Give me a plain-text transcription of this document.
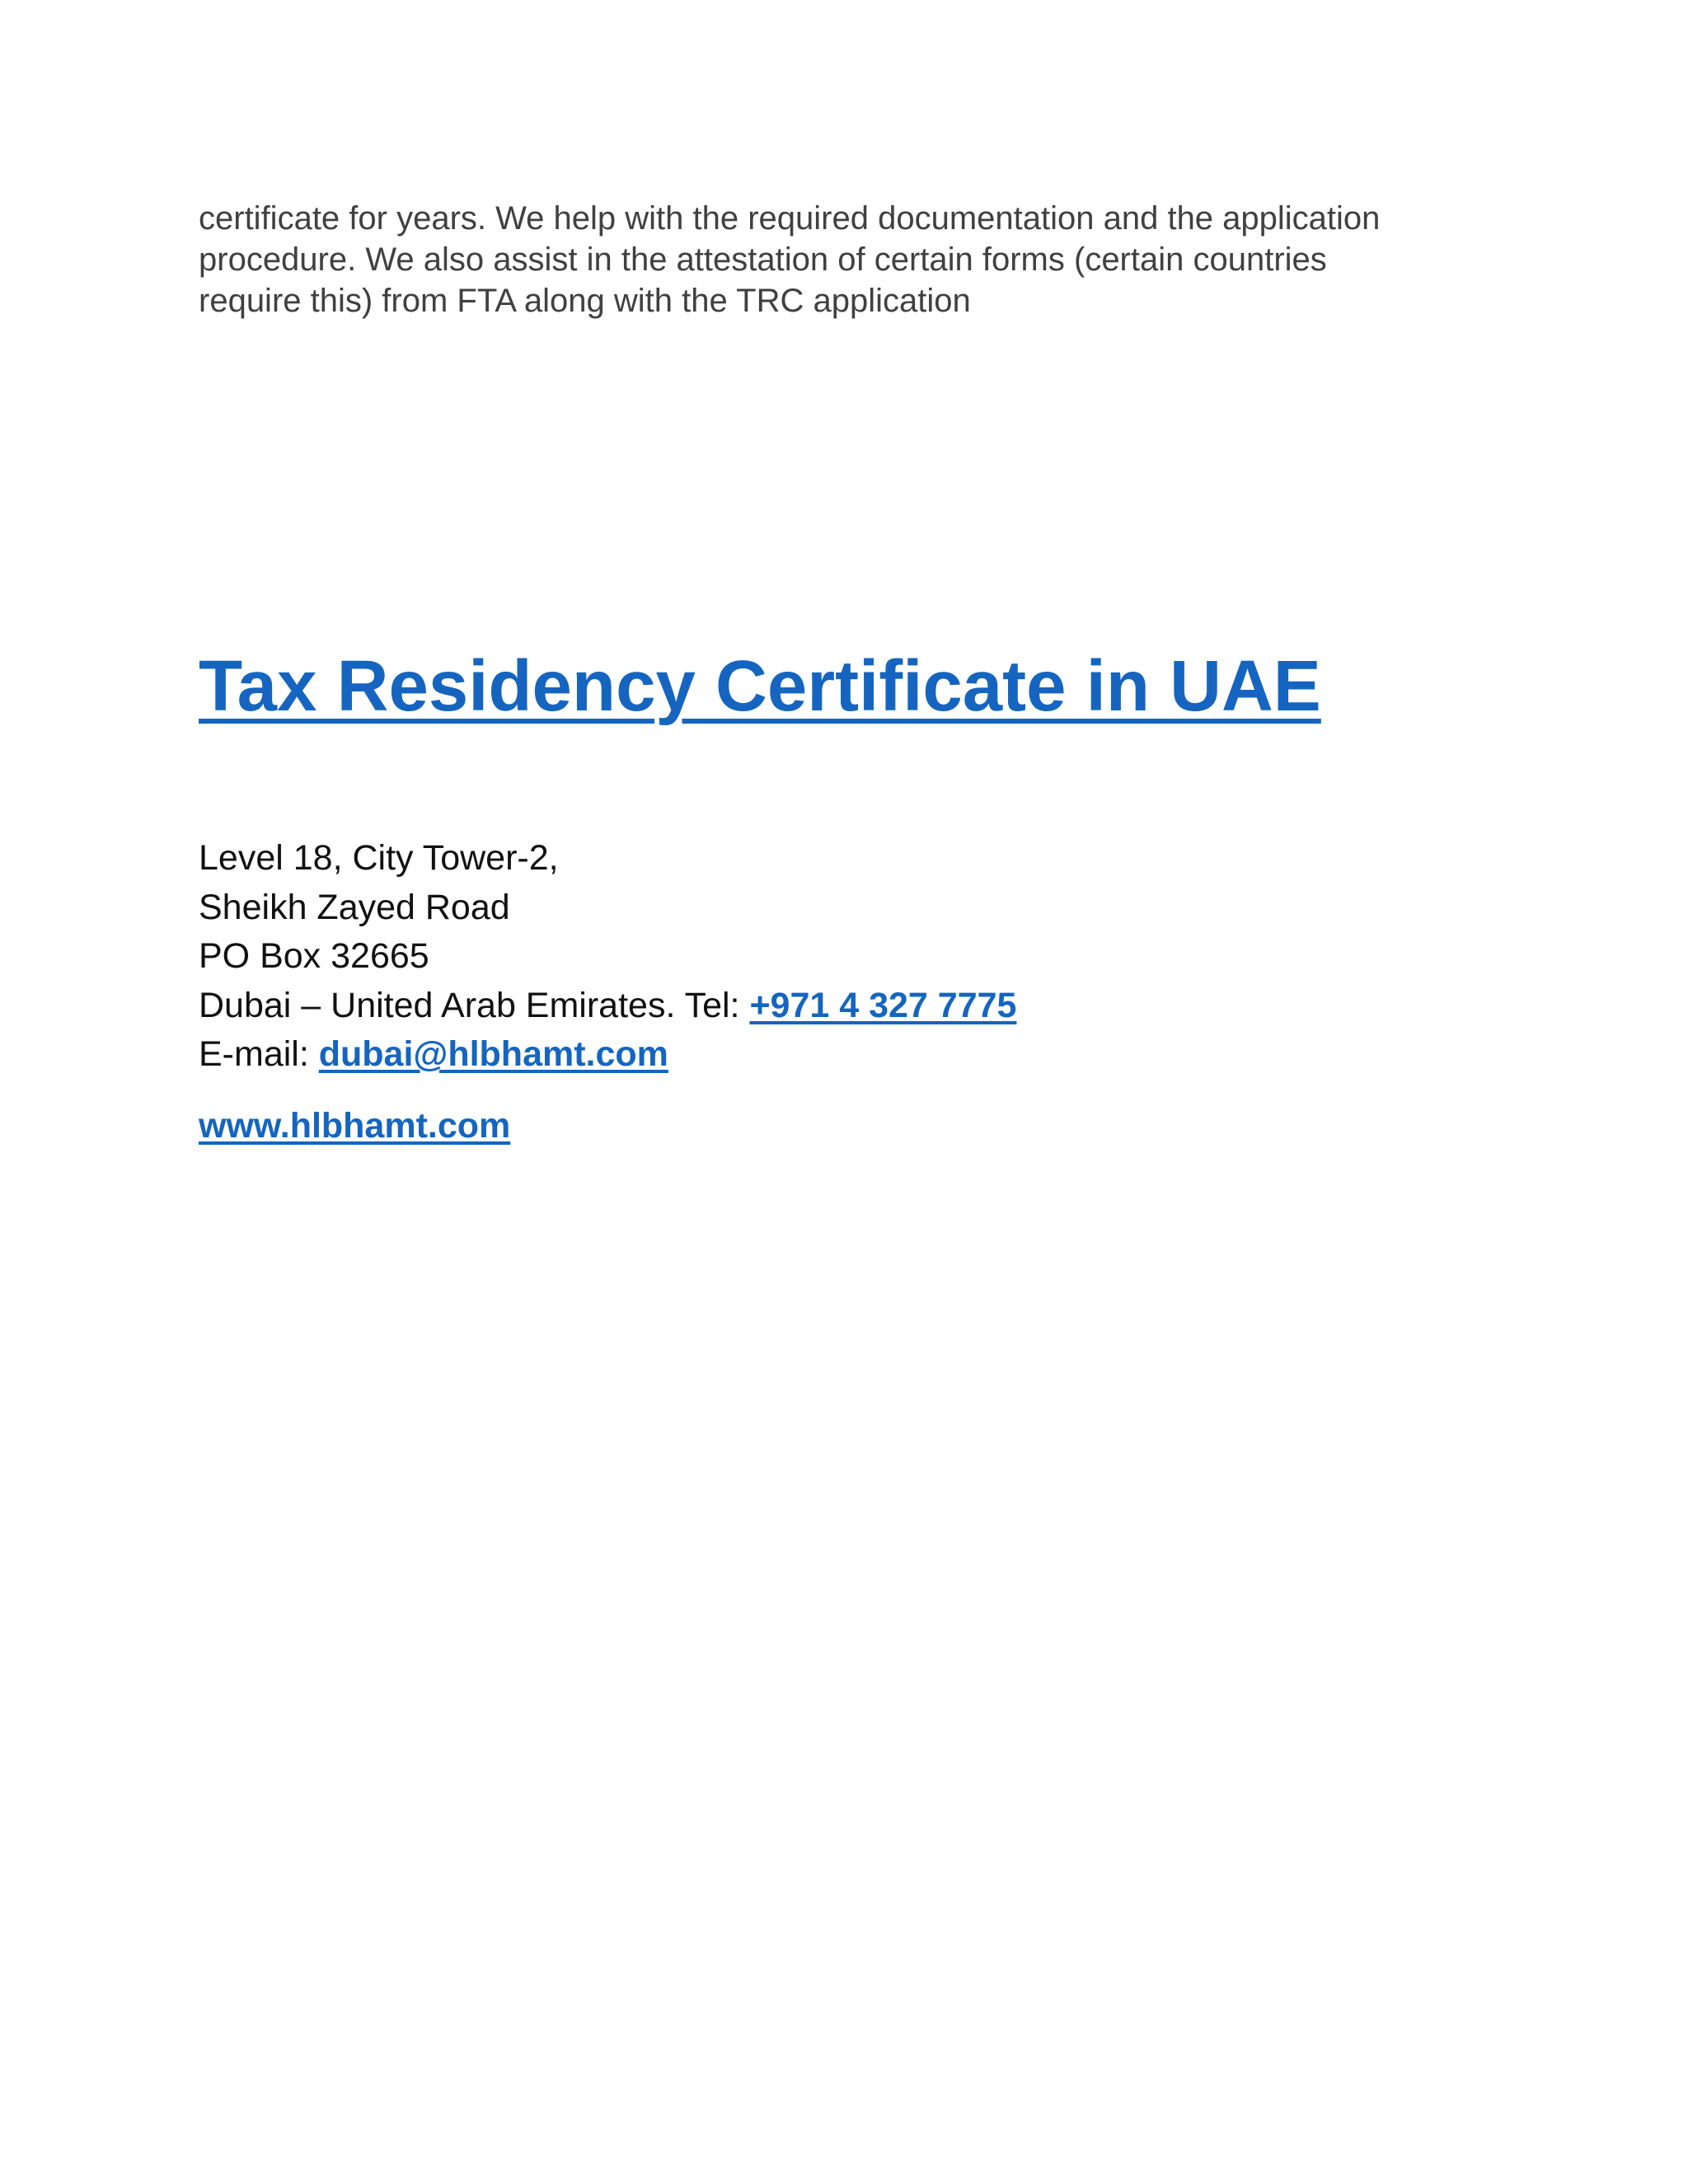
certificate for years. We help with the required documentation and the application
procedure. We also assist in the attestation of certain forms (certain countries
require this) from FTA along with the TRC application

Tax Residency Certificate in UAE
Level 18, City Tower-2,
Sheikh Zayed Road
PO Box 32665
Dubai – United Arab Emirates. Tel: +971 4 327 7775
E-mail: dubai@hlbhamt.com
www.hlbhamt.com
